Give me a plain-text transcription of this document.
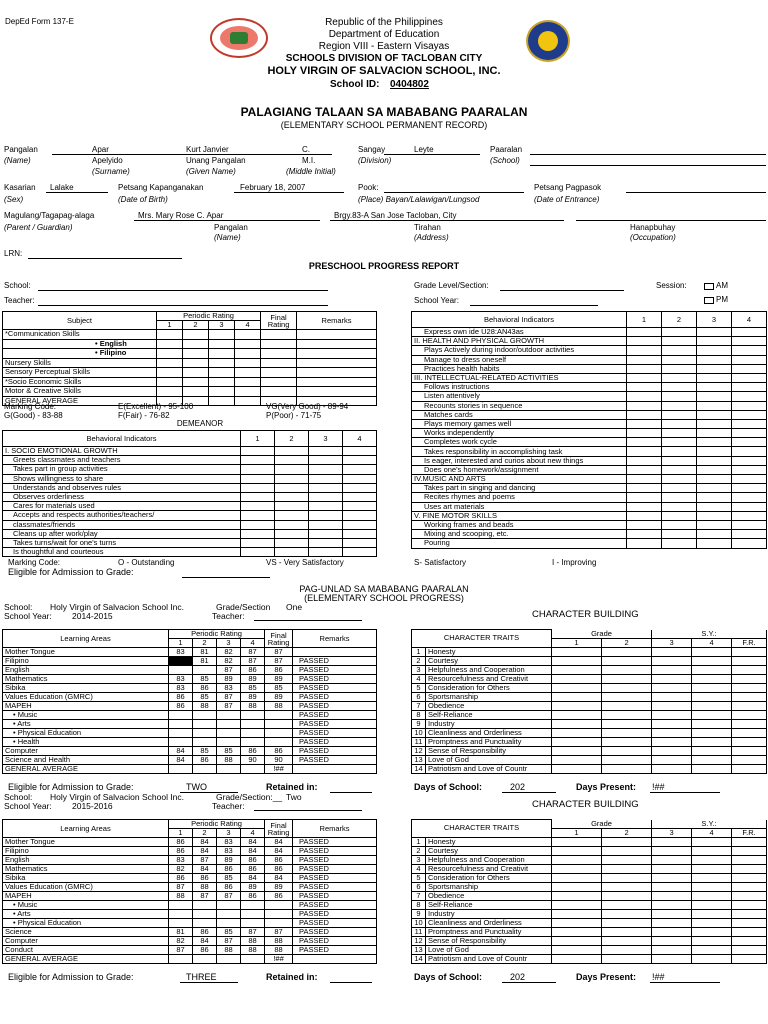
DepEd Form 137-E	Republic of the Philippines
Department of Education
Region VIII - Eastern Visayas
SCHOOLS DIVISION OF TACLOBAN CITY
HOLY VIRGIN OF SALVACION SCHOOL, INC.
School ID: 0404802
PALAGIANG TALAAN SA MABABANG PAARALAN
(ELEMENTARY SCHOOL PERMANENT RECORD)
Pangalan	Apar	Kurt Janvier	C.	Sangay	Leyte	Paaralan
(Name)	Apelyido	Unang Pangalan	M.I.	(Division)	(School)
(Surname)	(Given Name)	(Middle Initial)
Kasarian Lalake	Petsang Kapanganakan	February 18, 2007	Pook:	Petsang Pagpasok
(Sex)	(Date of Birth)	(Place) Bayan/Lalawigan/Lungsod	(Date of Entrance)
Magulang/Tagapag-alaga	Mrs. Mary Rose C. Apar	Brgy.83-A San Jose Tacloban, City
(Parent / Guardian)	Pangalan
(Name)
Tirahan
(Address)
Hanapbuhay
(Occupation)
LRN:
PRESCHOOL PROGRESS REPORT
School:
Teacher:
Grade Level/Section:
School Year:
Session:	AM
PM
Subject	Periodic Rating				Final Rating	Remarks
	1	2	3	4		
*Communication Skills						
• English						
• Filipino						
Nursery Skills						
Sensory Perceptual Skills						
*Socio Economic Skills						
Motor & Creative Skills						
GENERAL AVERAGE						
Marking Code:	E(Excellent) - 95-100	VG(Very Good) - 89-94
G(Good) - 83-88	F(Fair) - 76-82	P(Poor) - 71-75
DEMEANOR
Behavioral Indicators	1	2	3	4
I. SOCIO EMOTIONAL GROWTH				
Greets classmates and teachers				
Takes part in group activities				
Shows willingness to share				
Understands and observes rules				
Observes orderliness				
Cares for materials used				
Accepts and respects authorities/teachers/				
classmates/friends				
Cleans up after work/play				
Takes turns/wait for one's turns				
Is thoughtful and courteous				
Marking Code:	O - Outstanding	VS - Very Satisfactory	S- Satisfactory	I - Improving
Eligible for Admission to Grade:
Behavioral Indicators	1	2	3	4
Express own ide U28:AN43as				
II. HEALTH AND PHYSICAL GROWTH				
Plays Actively during indoor/outdoor activities				
Manage to dress oneself				
Practices health habits				
III. INTELLECTUAL-RELATED ACTIVITIES				
Follows instructions				
Listen attentively				
Recounts stories in sequence				
Matches cards				
Plays memory games well				
Works independently				
Completes work cycle				
Takes responsibility in accomplishing task				
Is eager, interested and curios about new things				
Does one's homework/assignment				
IV.MUSIC AND ARTS				
Takes part in singing and dancing				
Recites rhymes and poems				
Uses art materials				
V. FINE MOTOR SKILLS				
Working frames and beads				
Mixing and scooping, etc.				
Pouring				
PAG-UNLAD SA MABABANG PAARALAN
(ELEMENTARY SCHOOL PROGRESS)
School: Holy Virgin of Salvacion School Inc.	Grade/Section One
School Year: 2014-2015	Teacher:	CHARACTER BUILDING
Learning Areas	Periodic Rating				Final Rating	Remarks
	1	2	3	4		
Mother Tongue	83	81	82	87	87	
Filipino		81	82	87	87	PASSED
English			87	86	86	PASSED
Mathematics	83	85	89	89	89	PASSED
Sibika	83	86	83	85	85	PASSED
Values Education (GMRC)	86	85	87	89	89	PASSED
MAPEH	86	88	87	88	88	PASSED
• Music						PASSED
• Arts						PASSED
• Physical Education						PASSED
• Health						PASSED
Computer	84	85	85	86	86	PASSED
Science and Health	84	86	88	90	90	PASSED
GENERAL AVERAGE					!##	
CHARACTER TRAITS		Grade		S.Y.:		
		1	2	3	4	F.R.
1	Honesty					
2	Courtesy					
3	Helpfulness and Cooperation					
4	Resourcefulness and Creativit					
5	Consideration for Others					
6	Sportsmanship					
7	Obedience					
8	Self-Reliance					
9	Industry					
10	Cleanliness and Orderliness					
11	Promptness and Punctuality					
12	Sense of Responsibility					
13	Love of God					
14	Patriotism and Love of Countr					
Eligible for Admission to Grade:	TWO	Retained in:	Days of School:	202	Days Present: !##
School: Holy Virgin of Salvacion School Inc.	Grade/Section:__ Two
School Year: 2015-2016	Teacher:	CHARACTER BUILDING
Learning Areas	Periodic Rating				Final Rating	Remarks
	1	2	3	4		
Mother Tongue	86	84	83	84	84	PASSED
Filipino	86	84	83	84	84	PASSED
English	83	87	89	86	86	PASSED
Mathematics	82	84	86	86	86	PASSED
Sibika	86	86	85	84	84	PASSED
Values Education (GMRC)	87	88	86	89	89	PASSED
MAPEH	88	87	87	86	86	PASSED
• Music						PASSED
• Arts						PASSED
• Physical Education						PASSED
Science	81	86	85	87	87	PASSED
Computer	82	84	87	88	88	PASSED
Conduct	87	86	88	88	88	PASSED
GENERAL AVERAGE					!##	
CHARACTER TRAITS		Grade		S.Y.:		
		1	2	3	4	F.R.
1	Honesty					
2	Courtesy					
3	Helpfulness and Cooperation					
4	Resourcefulness and Creativit					
5	Consideration for Others					
6	Sportsmanship					
7	Obedience					
8	Self-Reliance					
9	Industry					
10	Cleanliness and Orderliness					
11	Promptness and Punctuality					
12	Sense of Responsibility					
13	Love of God					
14	Patriotism and Love of Countr					
Eligible for Admission to Grade:	THREE	Retained in:	Days of School:	202	Days Present: !##
